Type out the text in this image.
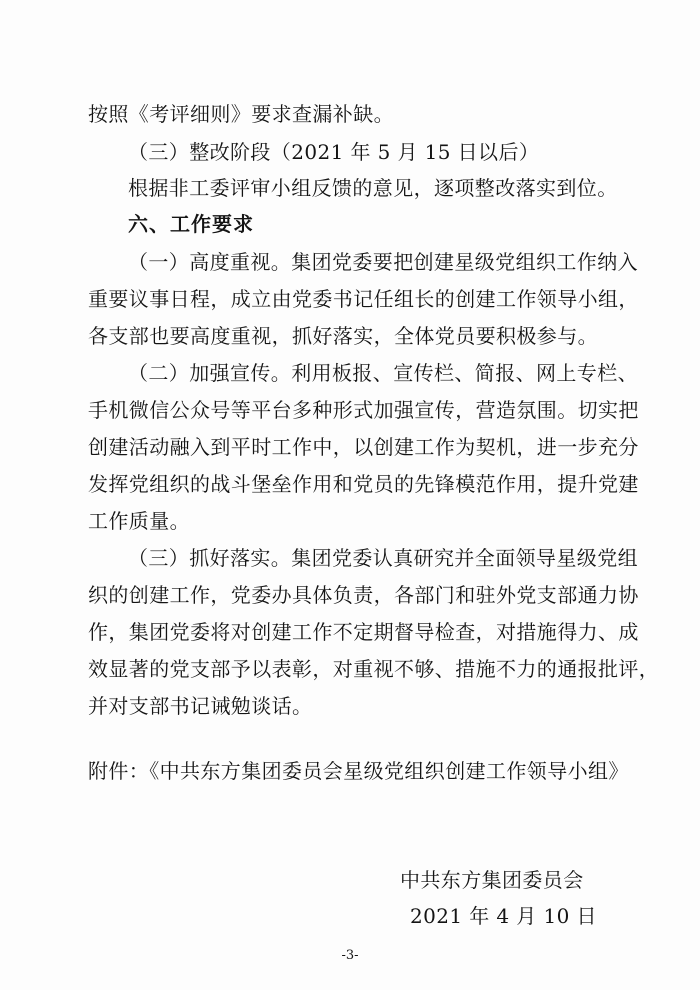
按照《考评细则》要求查漏补缺。
（三）整改阶段（2021 年 5 月 15 日以后）
根据非工委评审小组反馈的意见，逐项整改落实到位。
六、工作要求
（一）高度重视。集团党委要把创建星级党组织工作纳入
重要议事日程，成立由党委书记任组长的创建工作领导小组，
各支部也要高度重视，抓好落实，全体党员要积极参与。
（二）加强宣传。利用板报、宣传栏、简报、网上专栏、
手机微信公众号等平台多种形式加强宣传，营造氛围。切实把
创建活动融入到平时工作中，以创建工作为契机，进一步充分
发挥党组织的战斗堡垒作用和党员的先锋模范作用，提升党建
工作质量。
（三）抓好落实。集团党委认真研究并全面领导星级党组
织的创建工作，党委办具体负责，各部门和驻外党支部通力协
作，集团党委将对创建工作不定期督导检查，对措施得力、成
效显著的党支部予以表彰，对重视不够、措施不力的通报批评，
并对支部书记诫勉谈话。
附件：《中共东方集团委员会星级党组织创建工作领导小组》
中共东方集团委员会
2021 年 4 月 10 日
-3-
